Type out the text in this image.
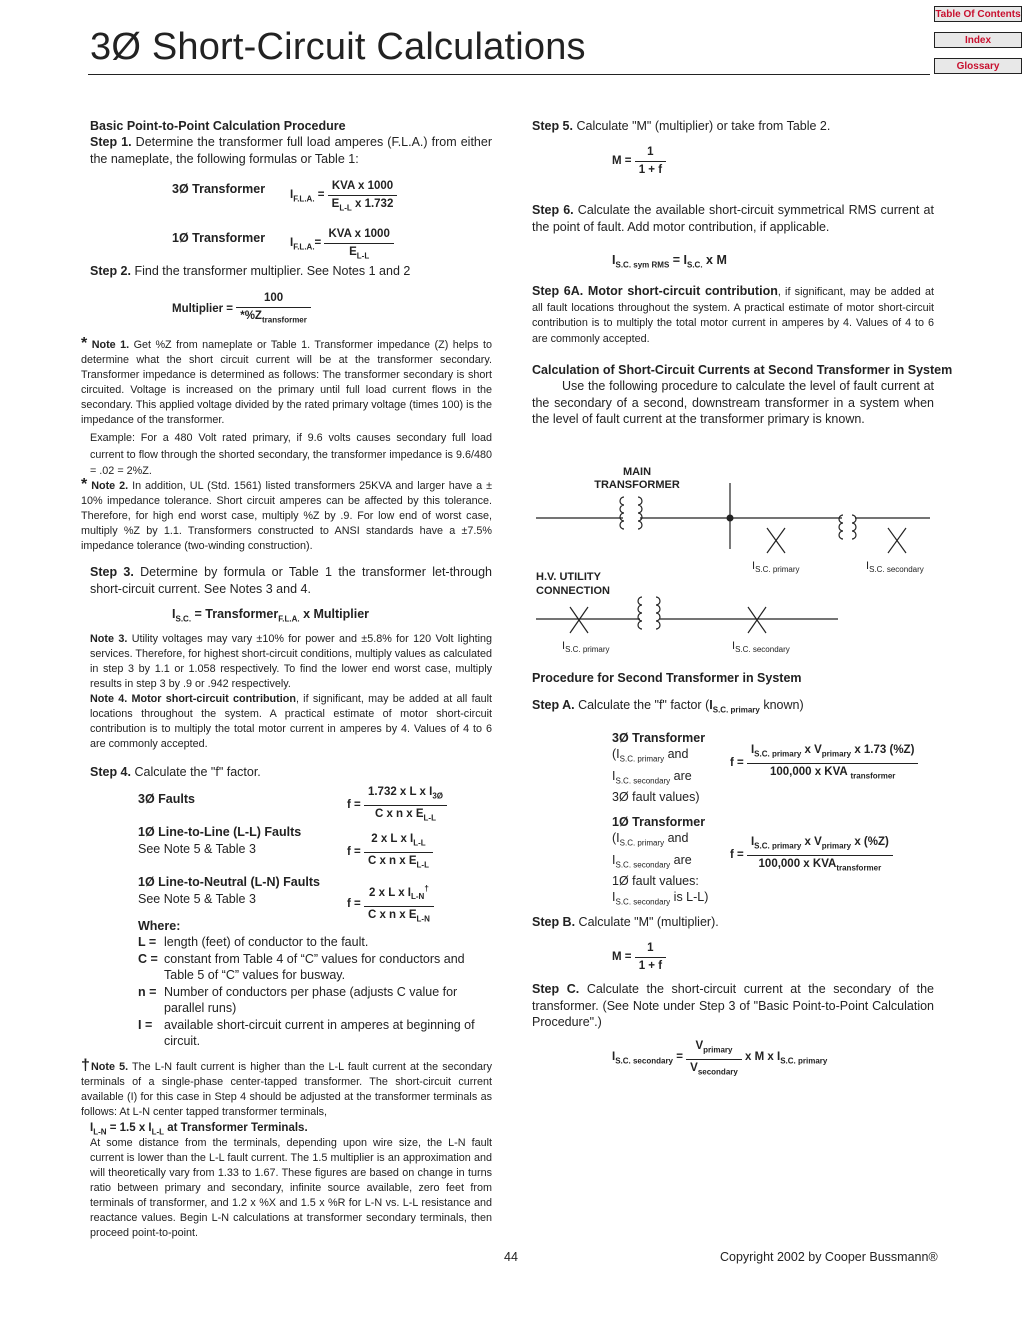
3Ø Short-Circuit Calculations
Table Of Contents
Index
Glossary
Basic Point-to-Point Calculation Procedure
Step 1. Determine the transformer full load amperes (F.L.A.) from either the nameplate, the following formulas or Table 1:
3Ø Transformer $I_{F.L.A.} = \frac{\text{KVA x 1000}}{E_{L-L} x 1.732}$
1Ø Transformer $I_{F.L.A.}= \frac{\text{KVA x 1000}}{E_{L-L}}$
Step 2. Find the transformer multiplier. See Notes 1 and 2
Multiplier = $\frac{100}{*\%Z_{transformer}}$
* Note 1. Get %Z from nameplate or Table 1. Transformer impedance (Z) helps to determine what the short circuit current will be at the transformer secondary. Transformer impedance is determined as follows: The transformer secondary is short circuited. Voltage is increased on the primary until full load current flows in the secondary. This applied voltage divided by the rated primary voltage (times 100) is the impedance of the transformer.
Example: For a 480 Volt rated primary, if 9.6 volts causes secondary full load current to flow through the shorted secondary, the transformer impedance is 9.6/480 = .02 = 2%Z.
* Note 2. In addition, UL (Std. 1561) listed transformers 25KVA and larger have a ± 10% impedance tolerance. Short circuit amperes can be affected by this tolerance. Therefore, for high end worst case, multiply %Z by .9. For low end of worst case, multiply %Z by 1.1. Transformers constructed to ANSI standards have a ±7.5% impedance tolerance (two-winding construction).
Step 3. Determine by formula or Table 1 the transformer let-through short-circuit current. See Notes 3 and 4.
$I_{S.C.}$ = Transformer$_{F.L.A.}$ x Multiplier
Note 3. Utility voltages may vary ±10% for power and ±5.8% for 120 Volt lighting services. Therefore, for highest short-circuit conditions, multiply values as calculated in step 3 by 1.1 or 1.058 respectively. To find the lower end worst case, multiply results in step 3 by .9 or .942 respectively.
Note 4. Motor short-circuit contribution, if significant, may be added at all fault locations throughout the system. A practical estimate of motor short-circuit contribution is to multiply the total motor current in amperes by 4. Values of 4 to 6 are commonly accepted.
Step 4. Calculate the "f" factor.
3Ø Faults	$f = \frac{1.732 x L x I_{3Ø}}{C x n x E_{L-L}}$
1Ø Line-to-Line (L-L) Faults
See Note 5 & Table 3	$f = \frac{2 x L x I_{L-L}}{C x n x E_{L-L}}$
1Ø Line-to-Neutral (L-N) Faults
See Note 5 & Table 3	$f = \frac{2 x L x I_{L-N}^\dagger}{C x n x E_{L-N}}$
Where:
L = length (feet) of conductor to the fault.
C = constant from Table 4 of “C” values for conductors and Table 5 of “C” values for busway.
n = Number of conductors per phase (adjusts C value for parallel runs)
I = available short-circuit current in amperes at beginning of circuit.
†Note 5. The L-N fault current is higher than the L-L fault current at the secondary terminals of a single-phase center-tapped transformer. The short-circuit current available (I) for this case in Step 4 should be adjusted at the transformer terminals as follows: At L-N center tapped transformer terminals,
$I_{L-N} = 1.5$ x $I_{L-L}$ at Transformer Terminals.
At some distance from the terminals, depending upon wire size, the L-N fault current is lower than the L-L fault current. The 1.5 multiplier is an approximation and will theoretically vary from 1.33 to 1.67. These figures are based on change in turns ratio between primary and secondary, infinite source available, zero feet from terminals of transformer, and 1.2 x %X and 1.5 x %R for L-N vs. L-L resistance and reactance values. Begin L-N calculations at transformer secondary terminals, then proceed point-to-point.
Step 5. Calculate "M" (multiplier) or take from Table 2.
$M = \frac{1}{1 + f}$
Step 6. Calculate the available short-circuit symmetrical RMS current at the point of fault. Add motor contribution, if applicable.
$I_{S.C. sym RMS} = I_{S.C.}$ x M
Step 6A. Motor short-circuit contribution, if significant, may be added at all fault locations throughout the system. A practical estimate of motor short-circuit contribution is to multiply the total motor current in amperes by 4. Values of 4 to 6 are commonly accepted.
Calculation of Short-Circuit Currents at Second Transformer in System
Use the following procedure to calculate the level of fault current at the secondary of a second, downstream transformer in a system when the level of fault current at the transformer primary is known.
MAIN
TRANSFORMER
H.V. UTILITY
CONNECTION
$I_{S.C. primary}$	$I_{S.C. secondary}$
$I_{S.C. primary}$	$I_{S.C. secondary}$
Procedure for Second Transformer in System
Step A. Calculate the "f" factor ($I_{S.C. primary}$ known)
3Ø Transformer
($I_{S.C. primary}$ and
$I_{S.C. secondary}$ are
3Ø fault values)
$f = \frac{I_{S.C. primary} x V_{primary} x 1.73 (\%Z)}{100,000 x KVA _{transformer}}$
1Ø Transformer
($I_{S.C. primary}$ and
$I_{S.C. secondary}$ are
1Ø fault values:
$I_{S.C. secondary}$ is L-L)
$f = \frac{I_{S.C. primary} x V_{primary} x (\%Z)}{100,000 x KVA_{transformer}}$
Step B. Calculate "M" (multiplier).
$M = \frac{1}{1 + f}$
Step C. Calculate the short-circuit current at the secondary of the transformer. (See Note under Step 3 of "Basic Point-to-Point Calculation Procedure".)
$I_{S.C. secondary} = \frac{V_{primary}}{V_{secondary}}$ x M x $I_{S.C. primary}$
44	Copyright 2002 by Cooper Bussmann®
